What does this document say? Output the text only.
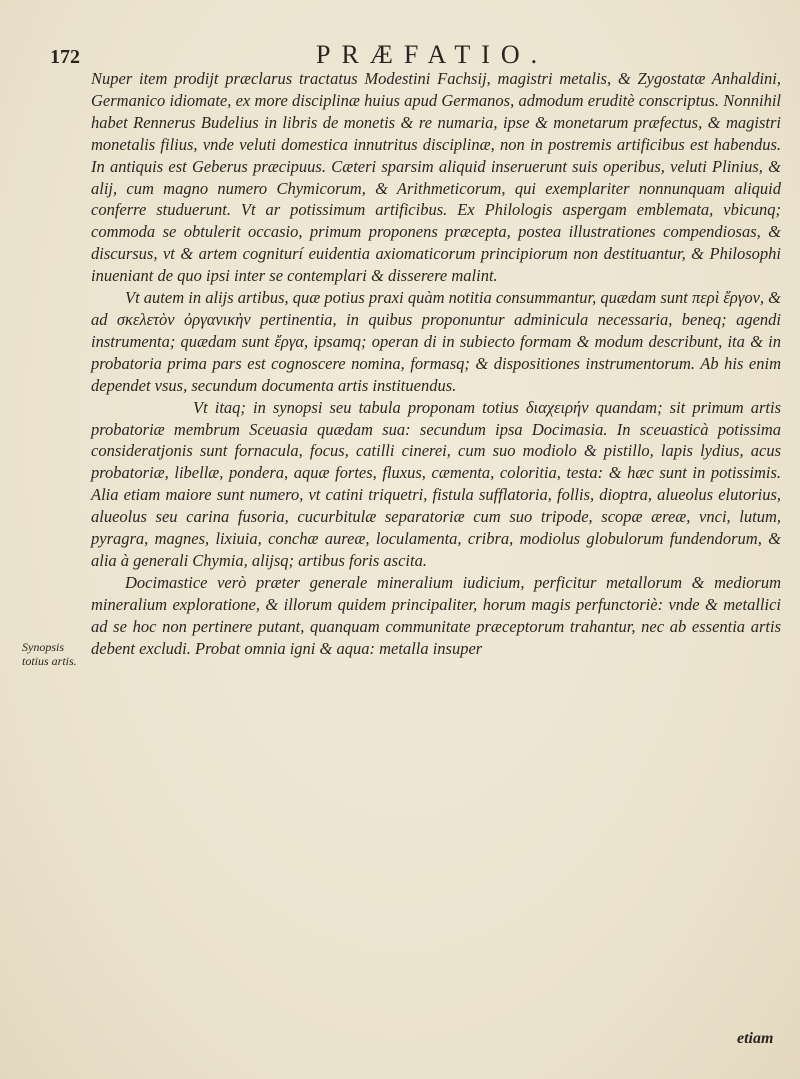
172	PRÆFATIO.
Synopsis totius artis.

Nuper item prodijt præclarus tractatus Modestini Fachsij, magistri metalis, & Zygostatæ Anhaldini, Germanico idiomate, ex more disciplinæ huius apud Germanos, admodum eruditè conscriptus. Nonnihil habet Rennerus Budelius in libris de monetis & re numaria, ipse & monetarum præfectus, & magistri monetalis filius, vnde veluti domestica innutritus disciplinæ, non in postremis artificibus est habendus. In antiquis est Geberus præcipuus. Cæteri sparsim aliquid inseruerunt suis operibus, veluti Plinius, & alij, cum magno numero Chymicorum, & Arithmeticorum, qui exemplariter nonnunquam aliquid conferre studuerunt. Vt ar potissimum artificibus. Ex Philologis aspergam emblemata, vbicunq; commoda se obtulerit occasio, primum proponens præcepta, postea illustrationes compendiosas, & discursus, vt & artem cogniturí euidentia axiomaticorum principiorum non destituantur, & Philosophi inueniant de quo ipsi inter se contemplari & disserere malint.

Vt autem in alijs artibus, quæ potius praxi quàm notitia consummantur, quædam sunt περὶ ἔργον, & ad σκελετὸν ὀργανικὴν pertinentia, in quibus proponuntur adminicula necessaria, beneq; agendi instrumenta; quædam sunt ἔργα, ipsamq; operan di in subiecto formam & modum describunt, ita & in probatoria prima pars est cognoscere nomina, formasq; & dispositiones instrumentorum. Ab his enim dependet vsus, secundum documenta artis instituendus.

Vt itaq; in synopsi seu tabula proponam totius διαχειρήν quandam; sit primum artis probatoriæ membrum Sceuasia quædam sua: secundum ipsa Docimasia. In sceuasticà potissima consideratjonis sunt fornacula, focus, catilli cinerei, cum suo modiolo & pistillo, lapis lydius, acus probatoriæ, libellæ, pondera, aquæ fortes, fluxus, cæmenta, coloritia, testa: & hæc sunt in potissimis. Alia etiam maiore sunt numero, vt catini triquetri, fistula sufflatoria, follis, dioptra, alueolus elutorius, alueolus seu carina fusoria, cucurbitulæ separatoriæ cum suo tripode, scopæ æreæ, vnci, lutum, pyragra, magnes, lixiuia, conchæ aureæ, loculamenta, cribra, modiolus globulorum fundendorum, & alia à generali Chymia, alijsq; artibus foris ascita.

Docimastice verò præter generale mineralium iudicium, perficitur metallorum & mediorum mineralium exploratione, & illorum quidem principaliter, horum magis perfunctoriè: vnde & metallici ad se hoc non pertinere putant, quanquam communitate præceptorum trahantur, nec ab essentia artis debent excludi. Probat omnia igni & aqua: metalla insuper

etiam
